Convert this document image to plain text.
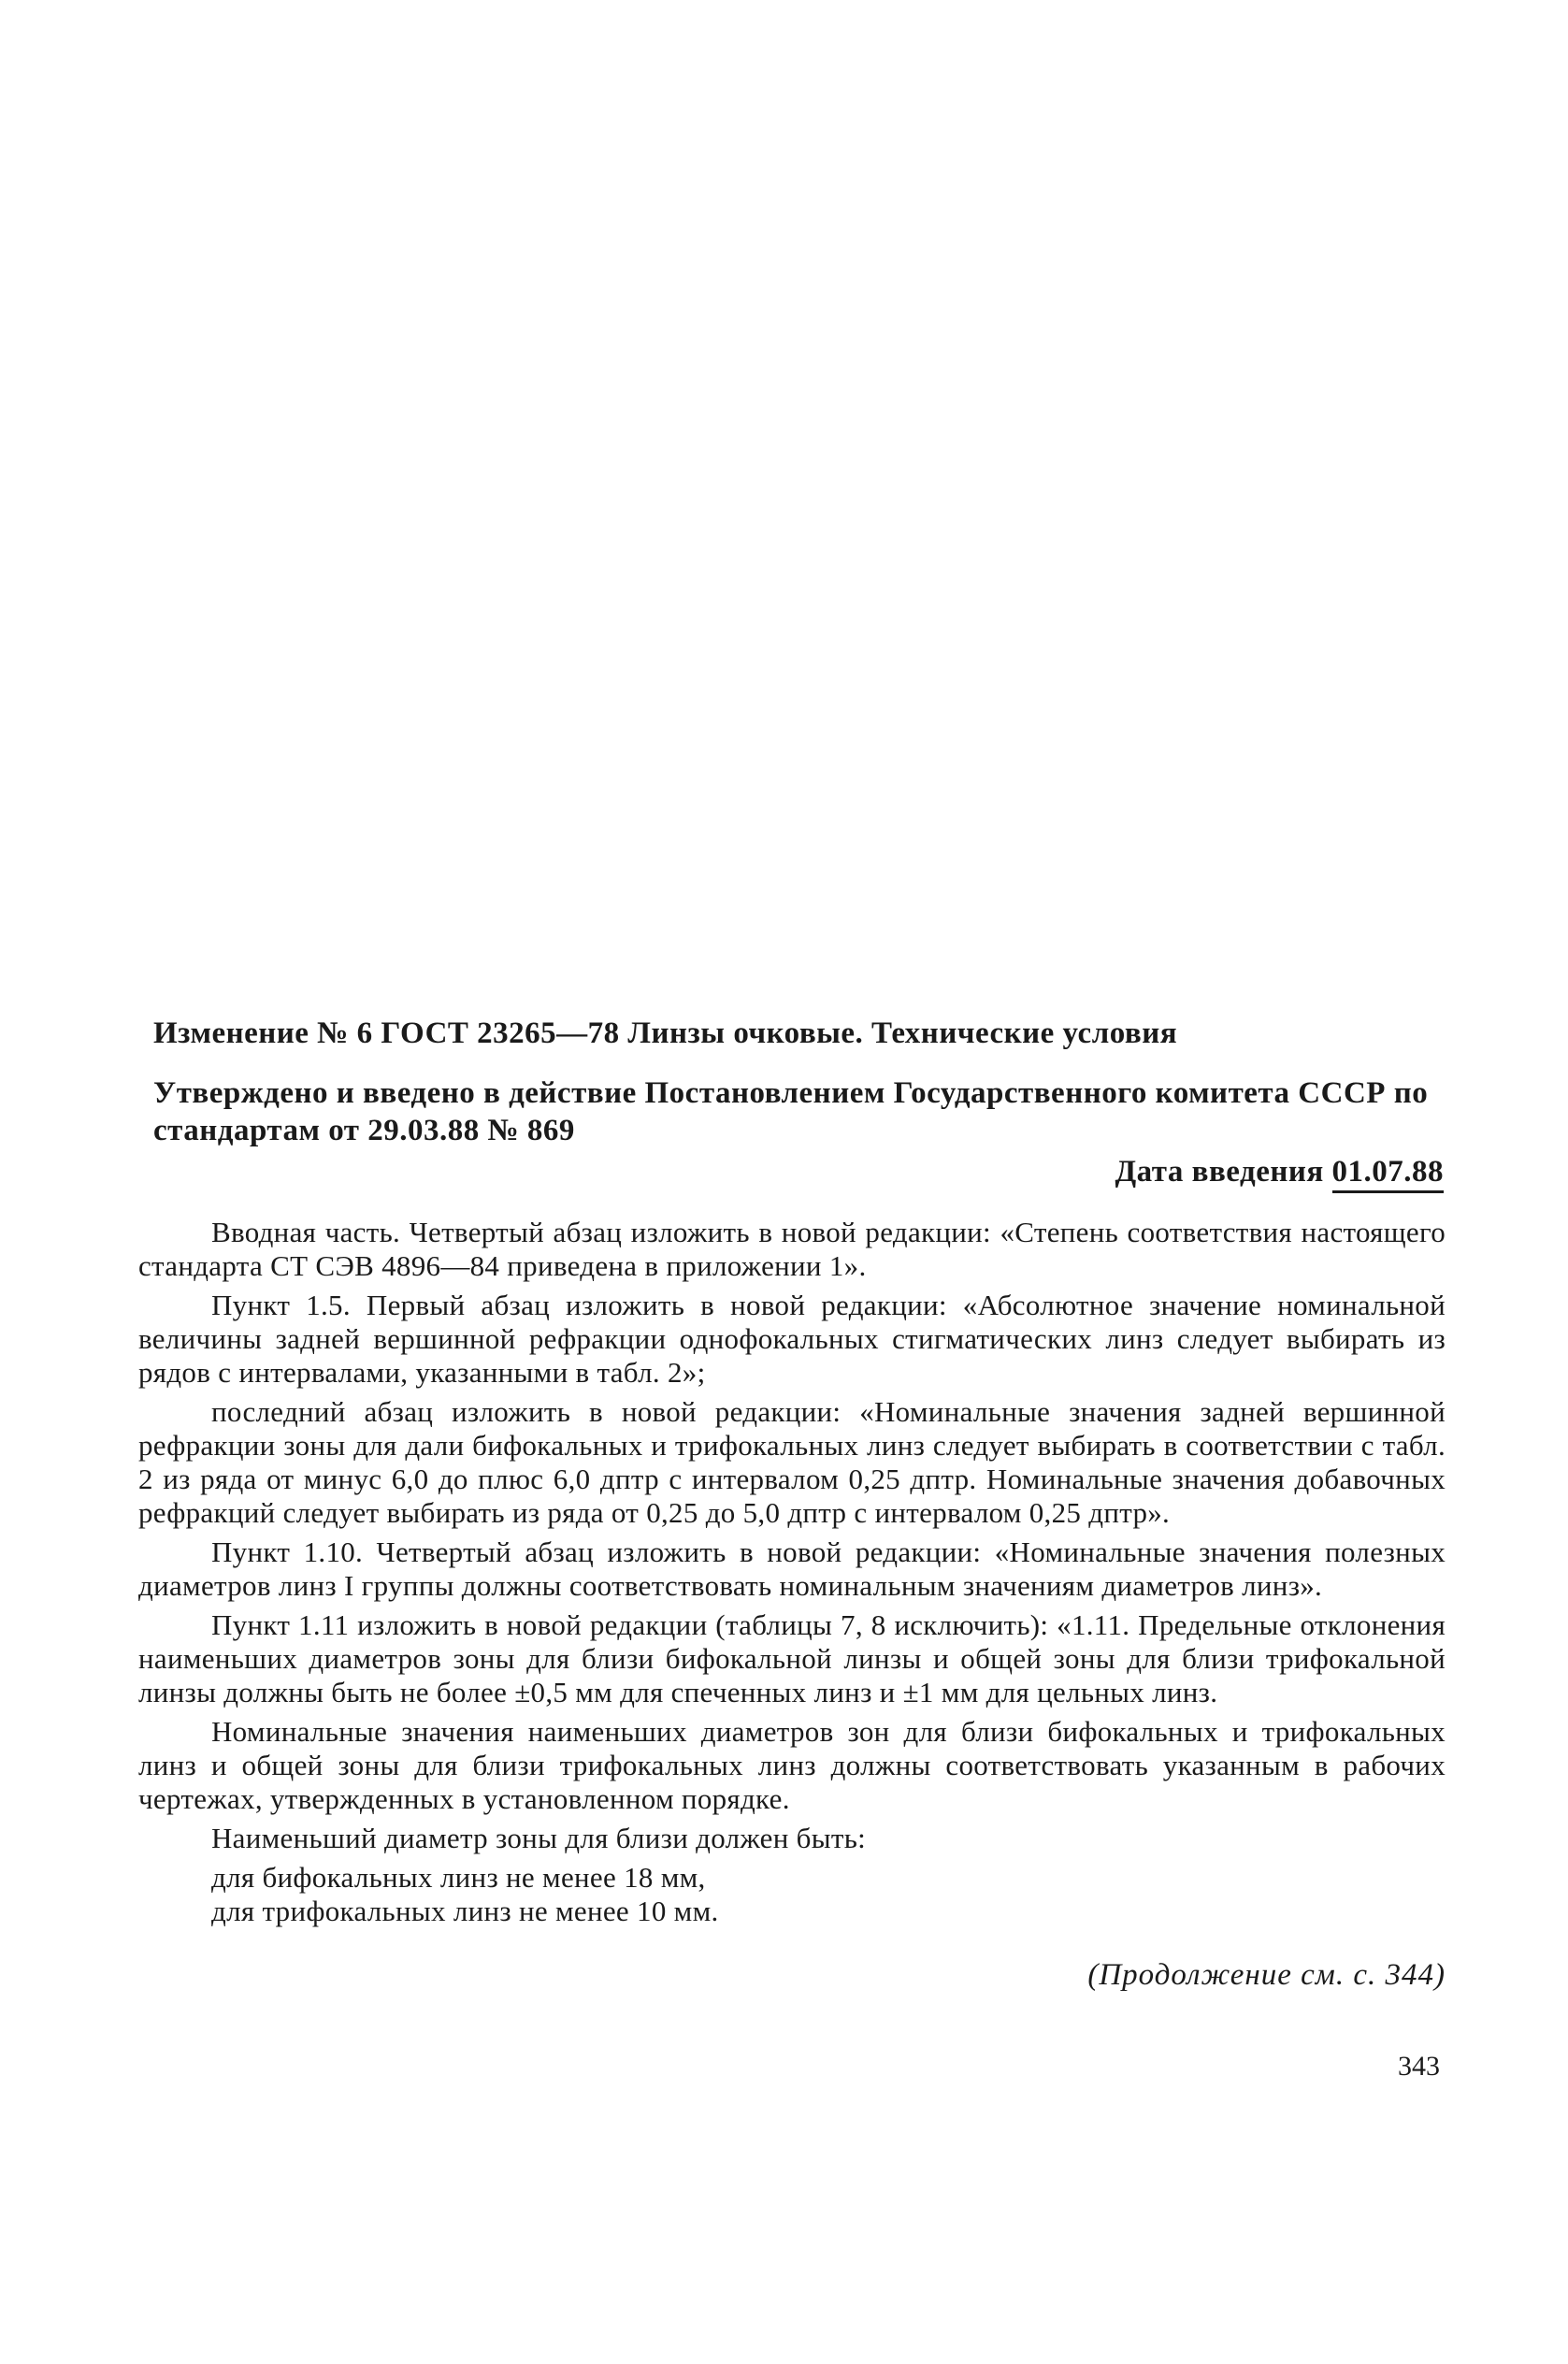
Изменение № 6 ГОСТ 23265—78 Линзы очковые. Технические условия

Утверждено и введено в действие Постановлением Государственного комитета СССР по стандартам от 29.03.88 № 869

Дата введения 01.07.88

Вводная часть. Четвертый абзац изложить в новой редакции: «Степень соответствия настоящего стандарта СТ СЭВ 4896—84 приведена в приложении 1».

Пункт 1.5. Первый абзац изложить в новой редакции: «Абсолютное значение номинальной величины задней вершинной рефракции однофокальных стигматических линз следует выбирать из рядов с интервалами, указанными в табл. 2»;

последний абзац изложить в новой редакции: «Номинальные значения задней вершинной рефракции зоны для дали бифокальных и трифокальных линз следует выбирать в соответствии с табл. 2 из ряда от минус 6,0 до плюс 6,0 дптр с интервалом 0,25 дптр. Номинальные значения добавочных рефракций следует выбирать из ряда от 0,25 до 5,0 дптр с интервалом 0,25 дптр».

Пункт 1.10. Четвертый абзац изложить в новой редакции: «Номинальные значения полезных диаметров линз I группы должны соответствовать номинальным значениям диаметров линз».

Пункт 1.11 изложить в новой редакции (таблицы 7, 8 исключить): «1.11. Предельные отклонения наименьших диаметров зоны для близи бифокальной линзы и общей зоны для близи трифокальной линзы должны быть не более ±0,5 мм для спеченных линз и ±1 мм для цельных линз.

Номинальные значения наименьших диаметров зон для близи бифокальных и трифокальных линз и общей зоны для близи трифокальных линз должны соответствовать указанным в рабочих чертежах, утвержденных в установленном порядке.

Наименьший диаметр зоны для близи должен быть:

для бифокальных линз не менее 18 мм,

для трифокальных линз не менее 10 мм.

(Продолжение см. с. 344)
343
